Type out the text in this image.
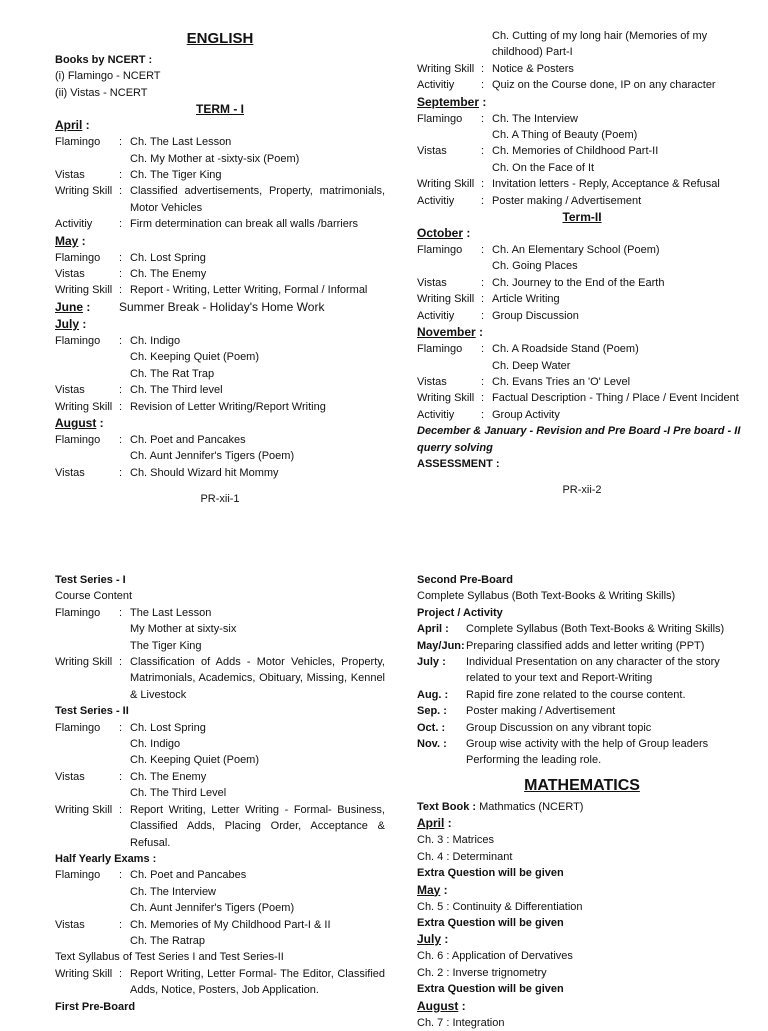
ENGLISH
Books by NCERT :
(i) Flamingo - NCERT
(ii) Vistas - NCERT
TERM - I
April :
Flamingo	: Ch. The Last Lesson
Ch. My Mother at -sixty-six (Poem)
Vistas	: Ch. The Tiger King
Writing Skill : Classified advertisements, Property, matrimonials, Motor Vehicles
Activitiy	: Firm determination can break all walls /barriers
May :
Flamingo	: Ch. Lost Spring
Vistas	: Ch. The Enemy
Writing Skill : Report - Writing, Letter Writing, Formal / Informal
June :	Summer Break - Holiday's Home Work
July :
Flamingo	: Ch. Indigo
Ch. Keeping Quiet (Poem)
Ch. The Rat Trap
Vistas	: Ch. The Third level
Writing Skill : Revision of Letter Writing/Report Writing
August :
Flamingo	: Ch. Poet and Pancakes
Ch. Aunt Jennifer's Tigers (Poem)
Vistas	: Ch. Should Wizard hit Mommy
PR-xii-1
Ch. Cutting of my long hair (Memories of my childhood) Part-I
Writing Skill : Notice & Posters
Activitiy	: Quiz on the Course done, IP on any character
September :
Flamingo	: Ch. The Interview
Ch. A Thing of Beauty (Poem)
Vistas	: Ch. Memories of Childhood Part-II
Ch. On the Face of It
Writing Skill : Invitation letters - Reply, Acceptance & Refusal
Activitiy	: Poster making / Advertisement
Term-II
October :
Flamingo	: Ch. An Elementary School (Poem)
Ch. Going Places
Vistas	: Ch. Journey to the End of the Earth
Writing Skill : Article Writing
Activitiy	: Group Discussion
November :
Flamingo	: Ch. A Roadside Stand (Poem)
Ch. Deep Water
Vistas	: Ch. Evans Tries an 'O' Level
Writing Skill : Factual Description - Thing / Place / Event Incident
Activitiy	: Group Activity
December & January - Revision and Pre Board -I Pre board - II querry solving
ASSESSMENT :
PR-xii-2
Test Series - I
Course Content
Flamingo	: The Last Lesson
My Mother at sixty-six
The Tiger King
Writing Skill : Classification of Adds - Motor Vehicles, Property, Matrimonials, Academics, Obituary, Missing, Kennel & Livestock
Test Series - II
Flamingo	: Ch. Lost Spring
Ch. Indigo
Ch. Keeping Quiet (Poem)
Vistas	: Ch. The Enemy
Ch. The Third Level
Writing Skill : Report Writing, Letter Writing - Formal- Business, Classified Adds, Placing Order, Acceptance & Refusal.
Half Yearly Exams :
Flamingo	: Ch. Poet and Pancabes
Ch. The Interview
Ch. Aunt Jennifer's Tigers (Poem)
Vistas	: Ch. Memories of My Childhood Part-I & II
Ch. The Ratrap
Text Syllabus of Test Series I and Test Series-II
Writing Skill : Report Writing, Letter Formal- The Editor, Classified Adds, Notice, Posters, Job Application.
First Pre-Board
Second Pre-Board
Complete Syllabus (Both Text-Books & Writing Skills)
Project / Activity
April :	Complete Syllabus (Both Text-Books & Writing Skills)
May/Jun: Preparing classified adds and letter writing (PPT)
July :	Individual Presentation on any character of the story related to your text and Report-Writing
Aug. :	Rapid fire zone related to the course content.
Sep. :	Poster making / Advertisement
Oct. :	Group Discussion on any vibrant topic
Nov. :	Group wise activity with the help of Group leaders Performing the leading role.
MATHEMATICS
Text Book : Mathmatics (NCERT)
April :
Ch. 3 : Matrices
Ch. 4 : Determinant
Extra Question will be given
May :
Ch. 5 : Continuity & Differentiation
Extra Question will be given
July :
Ch. 6 : Application of Dervatives
Ch. 2 : Inverse trignometry
Extra Question will be given
August :
Ch. 7 : Integration
